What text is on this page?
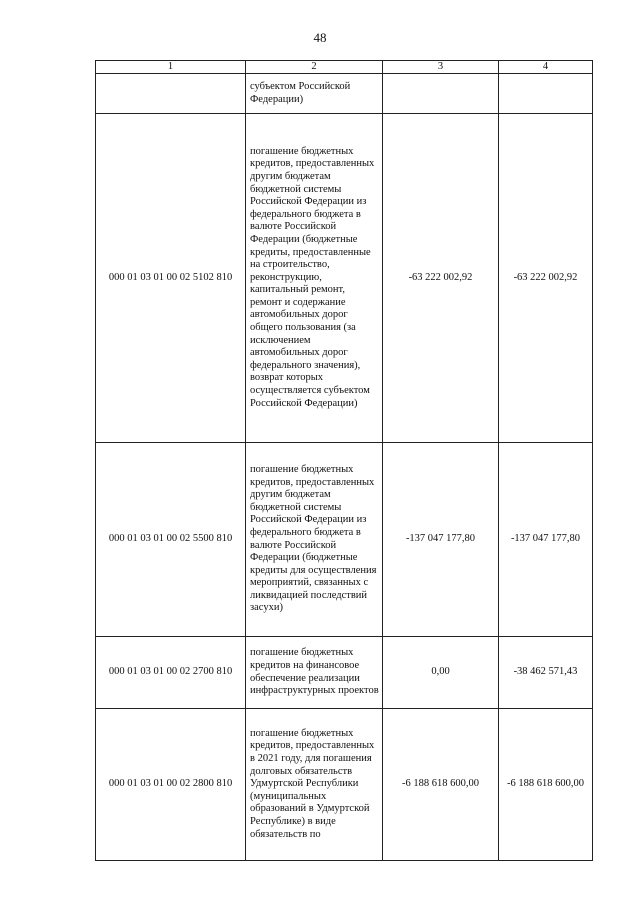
48
1	2	3	4
	субъектом Российской Федерации)		
000 01 03 01 00 02 5102 810	погашение бюджетных кредитов, предоставленных другим бюджетам бюджетной системы Российской Федерации из федерального бюджета в валюте Российской Федерации (бюджетные кредиты, предоставленные на строительство, реконструкцию, капитальный ремонт, ремонт и содержание автомобильных дорог общего пользования (за исключением автомобильных дорог федерального значения), возврат которых осуществляется субъектом Российской Федерации)	-63 222 002,92	-63 222 002,92
000 01 03 01 00 02 5500 810	погашение бюджетных кредитов, предоставленных другим бюджетам бюджетной системы Российской Федерации из федерального бюджета в валюте Российской Федерации (бюджетные кредиты для осуществления мероприятий, связанных с ликвидацией последствий засухи)	-137 047 177,80	-137 047 177,80
000 01 03 01 00 02 2700 810	погашение бюджетных кредитов на финансовое обеспечение реализации инфраструктурных проектов	0,00	-38 462 571,43
000 01 03 01 00 02 2800 810	погашение бюджетных кредитов, предоставленных в 2021 году, для погашения долговых обязательств Удмуртской Республики (муниципальных образований в Удмуртской Республике) в виде обязательств по	-6 188 618 600,00	-6 188 618 600,00
